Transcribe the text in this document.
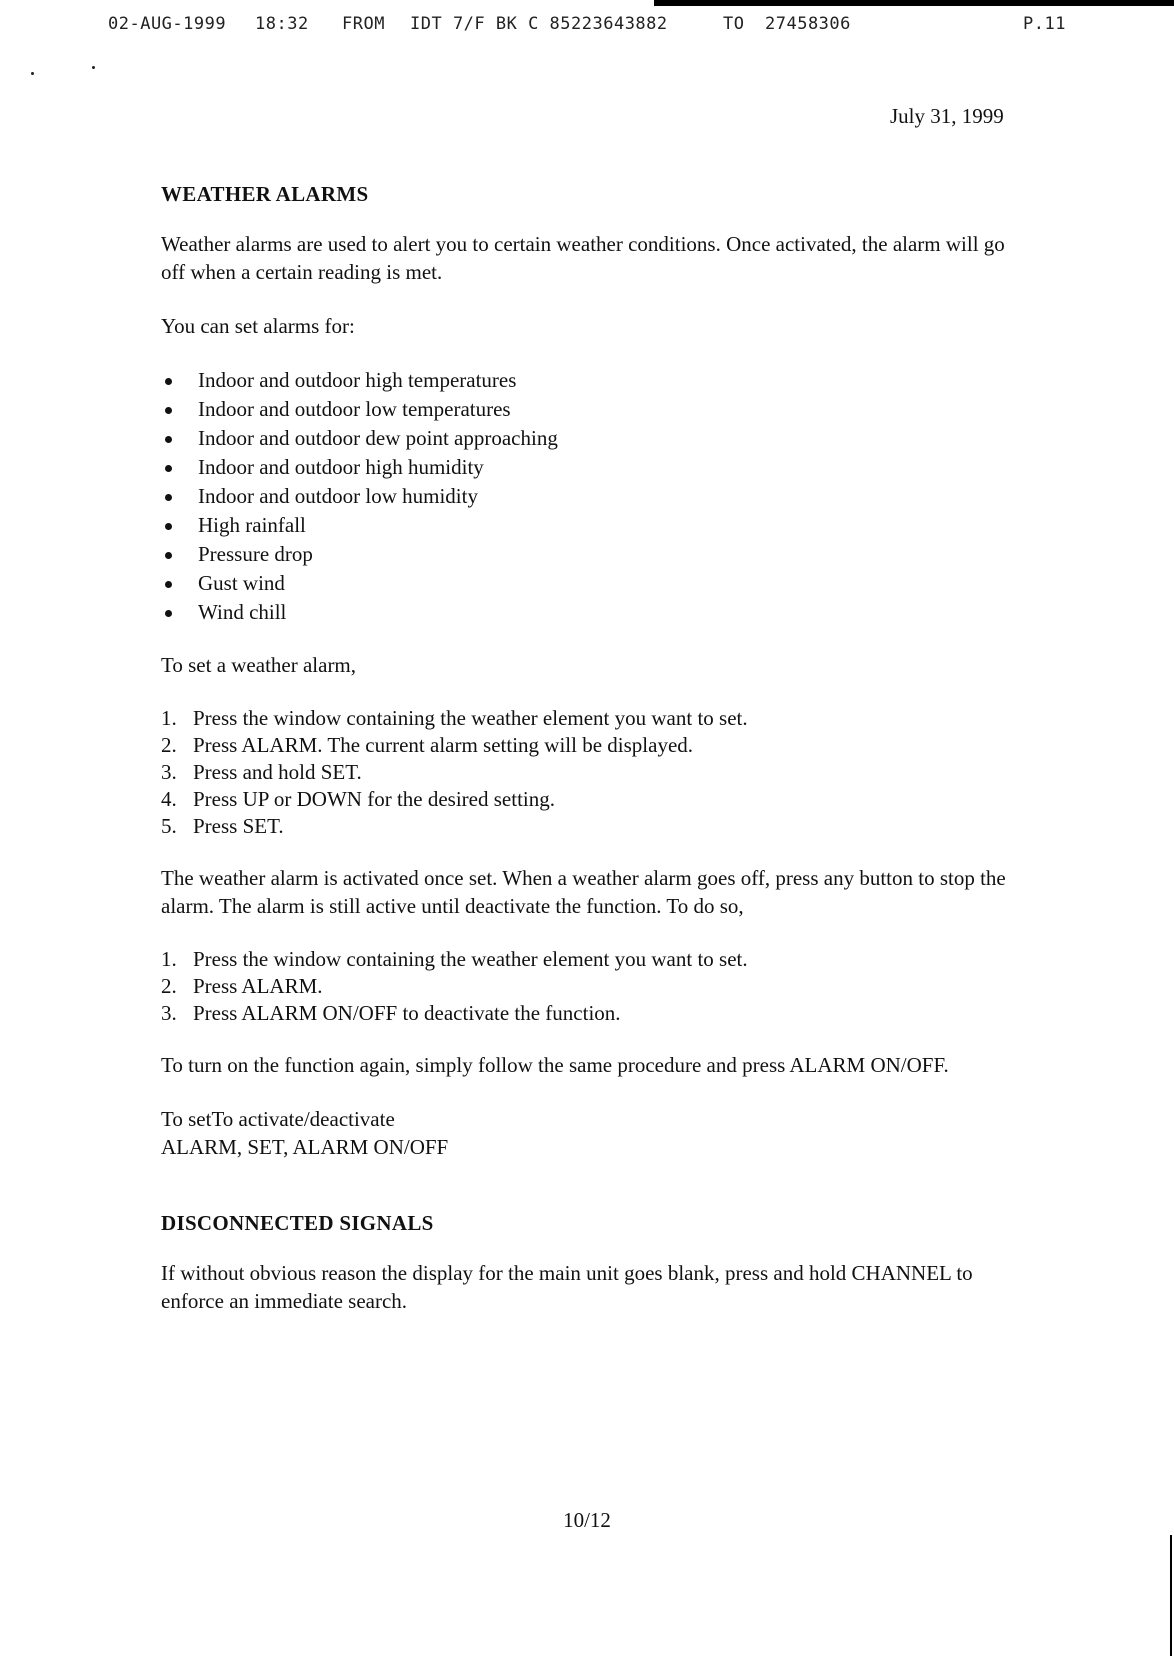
02-AUG-1999 18:32 FROM IDT 7/F BK C 85223643882	TO 27458306	P.11
July 31, 1999
WEATHER ALARMS

Weather alarms are used to alert you to certain weather conditions. Once activated, the alarm will go off when a certain reading is met.

You can set alarms for:

Indoor and outdoor high temperatures
Indoor and outdoor low temperatures
Indoor and outdoor dew point approaching
Indoor and outdoor high humidity
Indoor and outdoor low humidity
High rainfall
Pressure drop
Gust wind
Wind chill

To set a weather alarm,

1. Press the window containing the weather element you want to set.
2. Press ALARM. The current alarm setting will be displayed.
3. Press and hold SET.
4. Press UP or DOWN for the desired setting.
5. Press SET.

The weather alarm is activated once set. When a weather alarm goes off, press any button to stop the alarm. The alarm is still active until deactivate the function. To do so,

1. Press the window containing the weather element you want to set.
2. Press ALARM.
3. Press ALARM ON/OFF to deactivate the function.

To turn on the function again, simply follow the same procedure and press ALARM ON/OFF.

To setTo activate/deactivate
ALARM, SET, ALARM ON/OFF

DISCONNECTED SIGNALS

If without obvious reason the display for the main unit goes blank, press and hold CHANNEL to enforce an immediate search.

10/12
